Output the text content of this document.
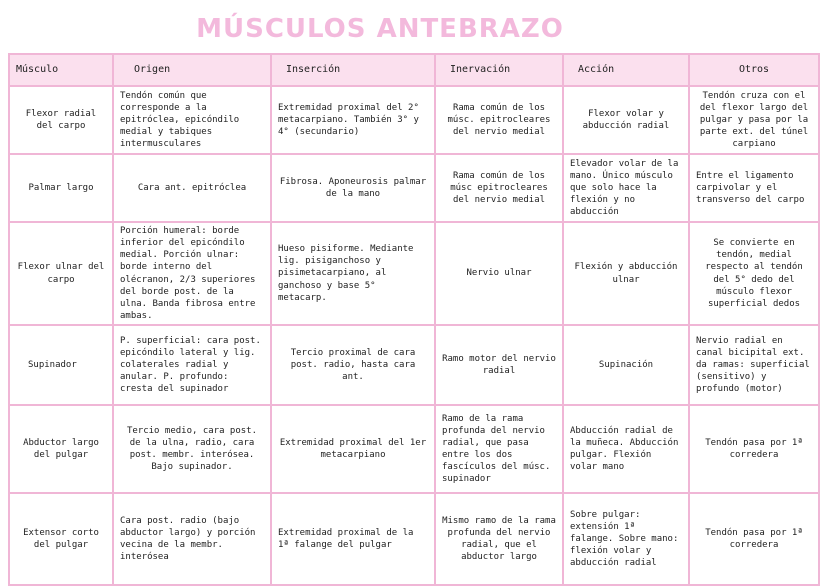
MÚSCULOS ANTEBRAZO
Músculo	Origen	Inserción	Inervación	Acción	Otros
Flexor radial del carpo	Tendón común que corresponde a la epitróclea, epicóndilo medial y tabiques intermusculares	Extremidad proximal del 2° metacarpiano. También 3° y 4° (secundario)	Rama común de los músc. epitrocleares del nervio medial	Flexor volar y abducción radial	Tendón cruza con el del flexor largo del pulgar y pasa por la parte ext. del túnel carpiano
Palmar largo	Cara ant. epitróclea	Fibrosa. Aponeurosis palmar de la mano	Rama común de los músc epitrocleares del nervio medial	Elevador volar de la mano. Único músculo que solo hace la flexión y no abducción	Entre el ligamento carpivolar y el transverso del carpo
Flexor ulnar del carpo	Porción humeral: borde inferior del epicóndilo medial. Porción ulnar: borde interno del olécranon, 2/3 superiores del borde post. de la ulna. Banda fibrosa entre ambas.	Hueso pisiforme. Mediante lig. pisiganchoso y pisimetacarpiano, al ganchoso y base 5° metacarp.	Nervio ulnar	Flexión y abducción ulnar	Se convierte en tendón, medial respecto al tendón del 5° dedo del músculo flexor superficial dedos
Supinador	P. superficial: cara post. epicóndilo lateral y lig. colaterales radial y anular. P. profundo: cresta del supinador	Tercio proximal de cara post. radio, hasta cara ant.	Ramo motor del nervio radial	Supinación	Nervio radial en canal bicipital ext. da ramas: superficial (sensitivo) y profundo (motor)
Abductor largo del pulgar	Tercio medio, cara post. de la ulna, radio, cara post. membr. interósea. Bajo supinador.	Extremidad proximal del 1er metacarpiano	Ramo de la rama profunda del nervio radial, que pasa entre los dos fascículos del músc. supinador	Abducción radial de la muñeca. Abducción pulgar. Flexión volar mano	Tendón pasa por 1ª corredera
Extensor corto del pulgar	Cara post. radio (bajo abductor largo) y porción vecina de la membr. interósea	Extremidad proximal de la 1ª falange del pulgar	Mismo ramo de la rama profunda del nervio radial, que el abductor largo	Sobre pulgar: extensión 1ª falange. Sobre mano: flexión volar y abducción radial	Tendón pasa por 1ª corredera
